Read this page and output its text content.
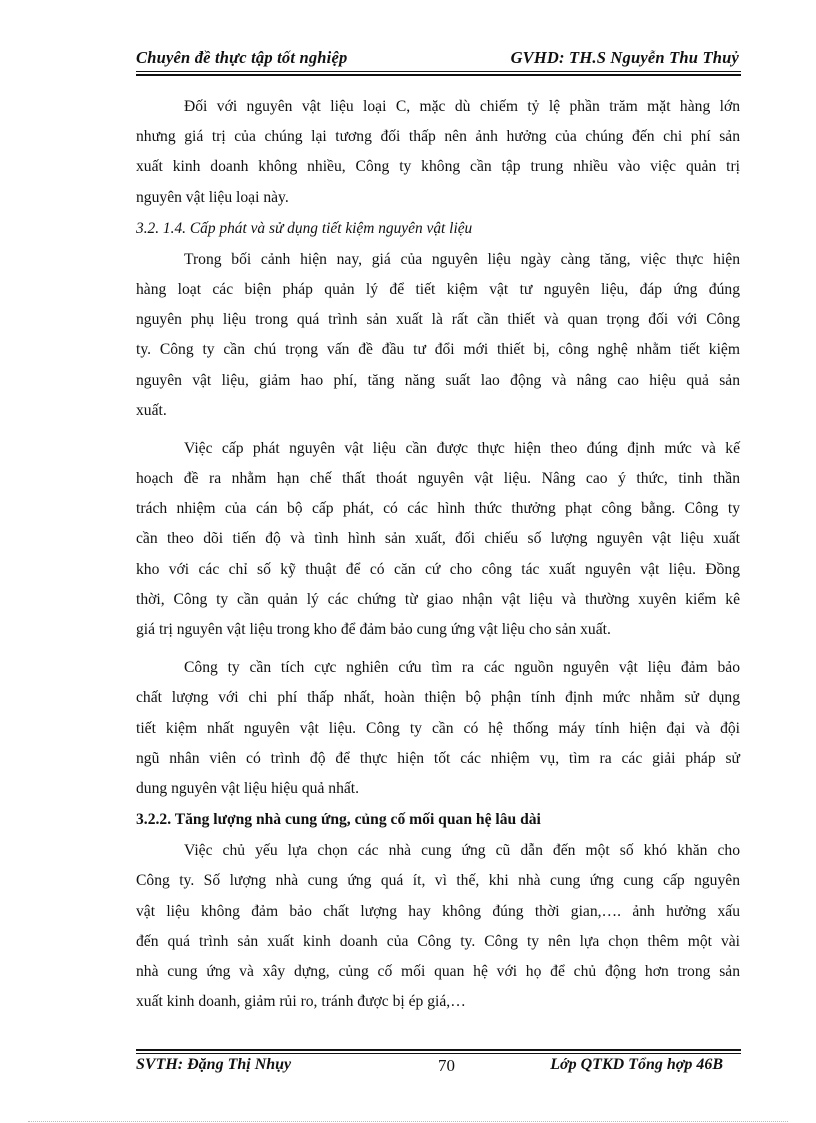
Chuyên đề thực tập tốt nghiệp	GVHD: TH.S Nguyễn Thu Thuỷ
Đối với nguyên vật liệu loại C, mặc dù chiếm tỷ lệ phần trăm mặt hàng lớn
nhưng giá trị của chúng lại tương đối thấp nên ảnh hưởng của chúng đến chi phí sản
xuất kinh doanh không nhiều, Công ty không cần tập trung nhiều vào việc quản trị
nguyên vật liệu loại này.
3.2. 1.4. Cấp phát và sử dụng tiết kiệm nguyên vật liệu
Trong bối cảnh hiện nay, giá của nguyên liệu ngày càng tăng, việc thực hiện
hàng loạt các biện pháp quản lý để tiết kiệm vật tư nguyên liệu, đáp ứng đúng
nguyên phụ liệu trong quá trình sản xuất là rất cần thiết và quan trọng đối với Công
ty. Công ty cần chú trọng vấn đề đầu tư đổi mới thiết bị, công nghệ nhằm tiết kiệm
nguyên vật liệu, giảm hao phí, tăng năng suất lao động và nâng cao hiệu quả sản
xuất.
Việc cấp phát nguyên vật liệu cần được thực hiện theo đúng định mức và kế
hoạch đề ra nhằm hạn chế thất thoát nguyên vật liệu. Nâng cao ý thức, tinh thần
trách nhiệm của cán bộ cấp phát, có các hình thức thưởng phạt công bằng. Công ty
cần theo dõi tiến độ và tình hình sản xuất, đối chiếu số lượng nguyên vật liệu xuất
kho với các chỉ số kỹ thuật để có căn cứ cho công tác xuất nguyên vật liệu. Đồng
thời, Công ty cần quản lý các chứng từ giao nhận vật liệu và thường xuyên kiểm kê
giá trị nguyên vật liệu trong kho để đảm bảo cung ứng vật liệu cho sản xuất.
Công ty cần tích cực nghiên cứu tìm ra các nguồn nguyên vật liệu đảm bảo
chất lượng với chi phí thấp nhất, hoàn thiện bộ phận tính định mức nhằm sử dụng
tiết kiệm nhất nguyên vật liệu. Công ty cần có hệ thống máy tính hiện đại và đội
ngũ nhân viên có trình độ để thực hiện tốt các nhiệm vụ, tìm ra các giải pháp sử
dung nguyên vật liệu hiệu quả nhất.
3.2.2. Tăng lượng nhà cung ứng, củng cố mối quan hệ lâu dài
Việc chủ yếu lựa chọn các nhà cung ứng cũ dẫn đến một số khó khăn cho
Công ty. Số lượng nhà cung ứng quá ít, vì thế, khi nhà cung ứng cung cấp nguyên
vật liệu không đảm bảo chất lượng hay không đúng thời gian,…. ảnh hưởng xấu
đến quá trình sản xuất kinh doanh của Công ty. Công ty nên lựa chọn thêm một vài
nhà cung ứng và xây dựng, củng cố mối quan hệ với họ để chủ động hơn trong sản
xuất kinh doanh, giảm rủi ro, tránh được bị ép giá,…
SVTH: Đặng Thị Nhụy	70	Lớp QTKD Tổng hợp 46B
